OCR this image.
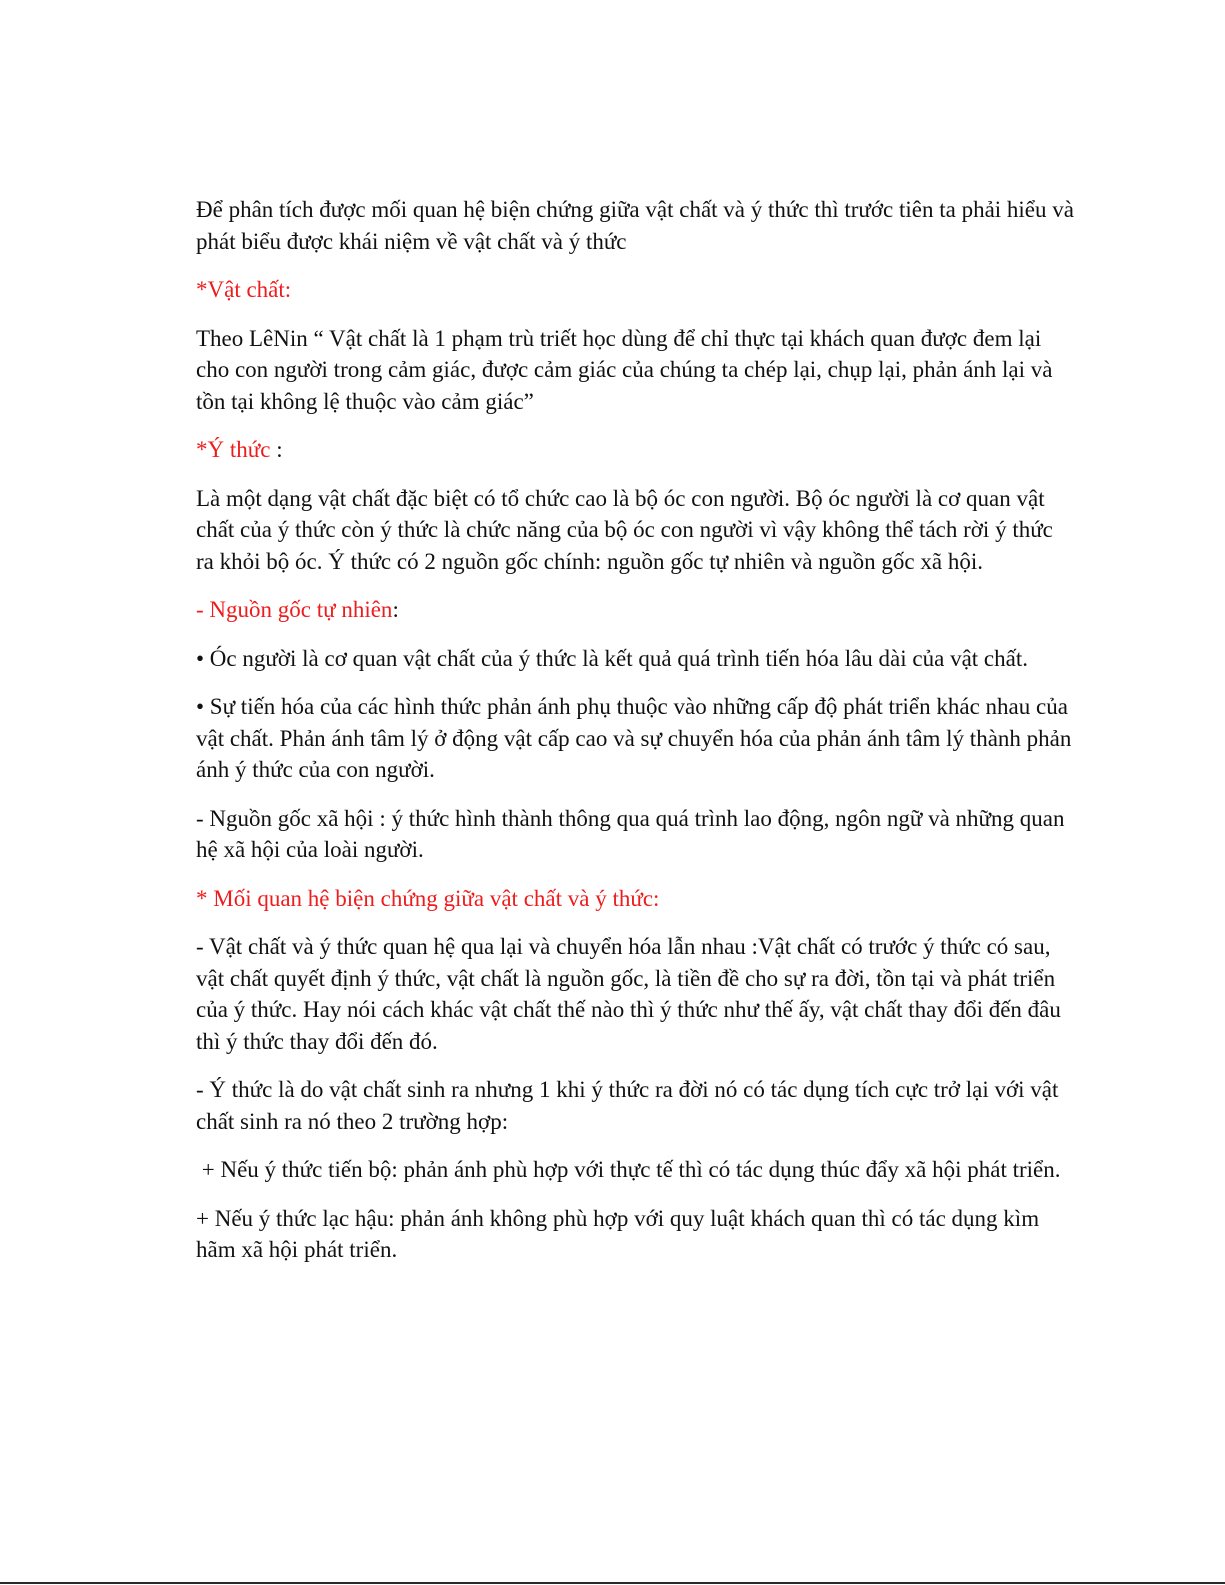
Để phân tích được mối quan hệ biện chứng giữa vật chất và ý thức thì trước tiên ta phải hiểu và phát biểu được khái niệm về vật chất và ý thức

*Vật chất:

Theo LêNin “ Vật chất là 1 phạm trù triết học dùng để chỉ thực tại khách quan được đem lại cho con người trong cảm giác, được cảm giác của chúng ta chép lại, chụp lại, phản ánh lại và tồn tại không lệ thuộc vào cảm giác”

*Ý thức :

Là một dạng vật chất đặc biệt có tổ chức cao là bộ óc con người. Bộ óc người là cơ quan vật chất của ý thức còn ý thức là chức năng của bộ óc con người vì vậy không thể tách rời ý thức ra khỏi bộ óc. Ý thức có 2 nguồn gốc chính: nguồn gốc tự nhiên và nguồn gốc xã hội.

- Nguồn gốc tự nhiên:

• Óc người là cơ quan vật chất của ý thức là kết quả quá trình tiến hóa lâu dài của vật chất.

• Sự tiến hóa của các hình thức phản ánh phụ thuộc vào những cấp độ phát triển khác nhau của vật chất. Phản ánh tâm lý ở động vật cấp cao và sự chuyển hóa của phản ánh tâm lý thành phản ánh ý thức của con người.

- Nguồn gốc xã hội : ý thức hình thành thông qua quá trình lao động, ngôn ngữ và những quan hệ xã hội của loài người.

* Mối quan hệ biện chứng giữa vật chất và ý thức:

- Vật chất và ý thức quan hệ qua lại và chuyển hóa lẫn nhau :Vật chất có trước ý thức có sau, vật chất quyết định ý thức, vật chất là nguồn gốc, là tiền đề cho sự ra đời, tồn tại và phát triển của ý thức. Hay nói cách khác vật chất thế nào thì ý thức như thế ấy, vật chất thay đổi đến đâu thì ý thức thay đổi đến đó.

- Ý thức là do vật chất sinh ra nhưng 1 khi ý thức ra đời nó có tác dụng tích cực trở lại với vật chất sinh ra nó theo 2 trường hợp:

+ Nếu ý thức tiến bộ: phản ánh phù hợp với thực tế thì có tác dụng thúc đẩy xã hội phát triển.

+ Nếu ý thức lạc hậu: phản ánh không phù hợp với quy luật khách quan thì có tác dụng kìm hãm xã hội phát triển.
